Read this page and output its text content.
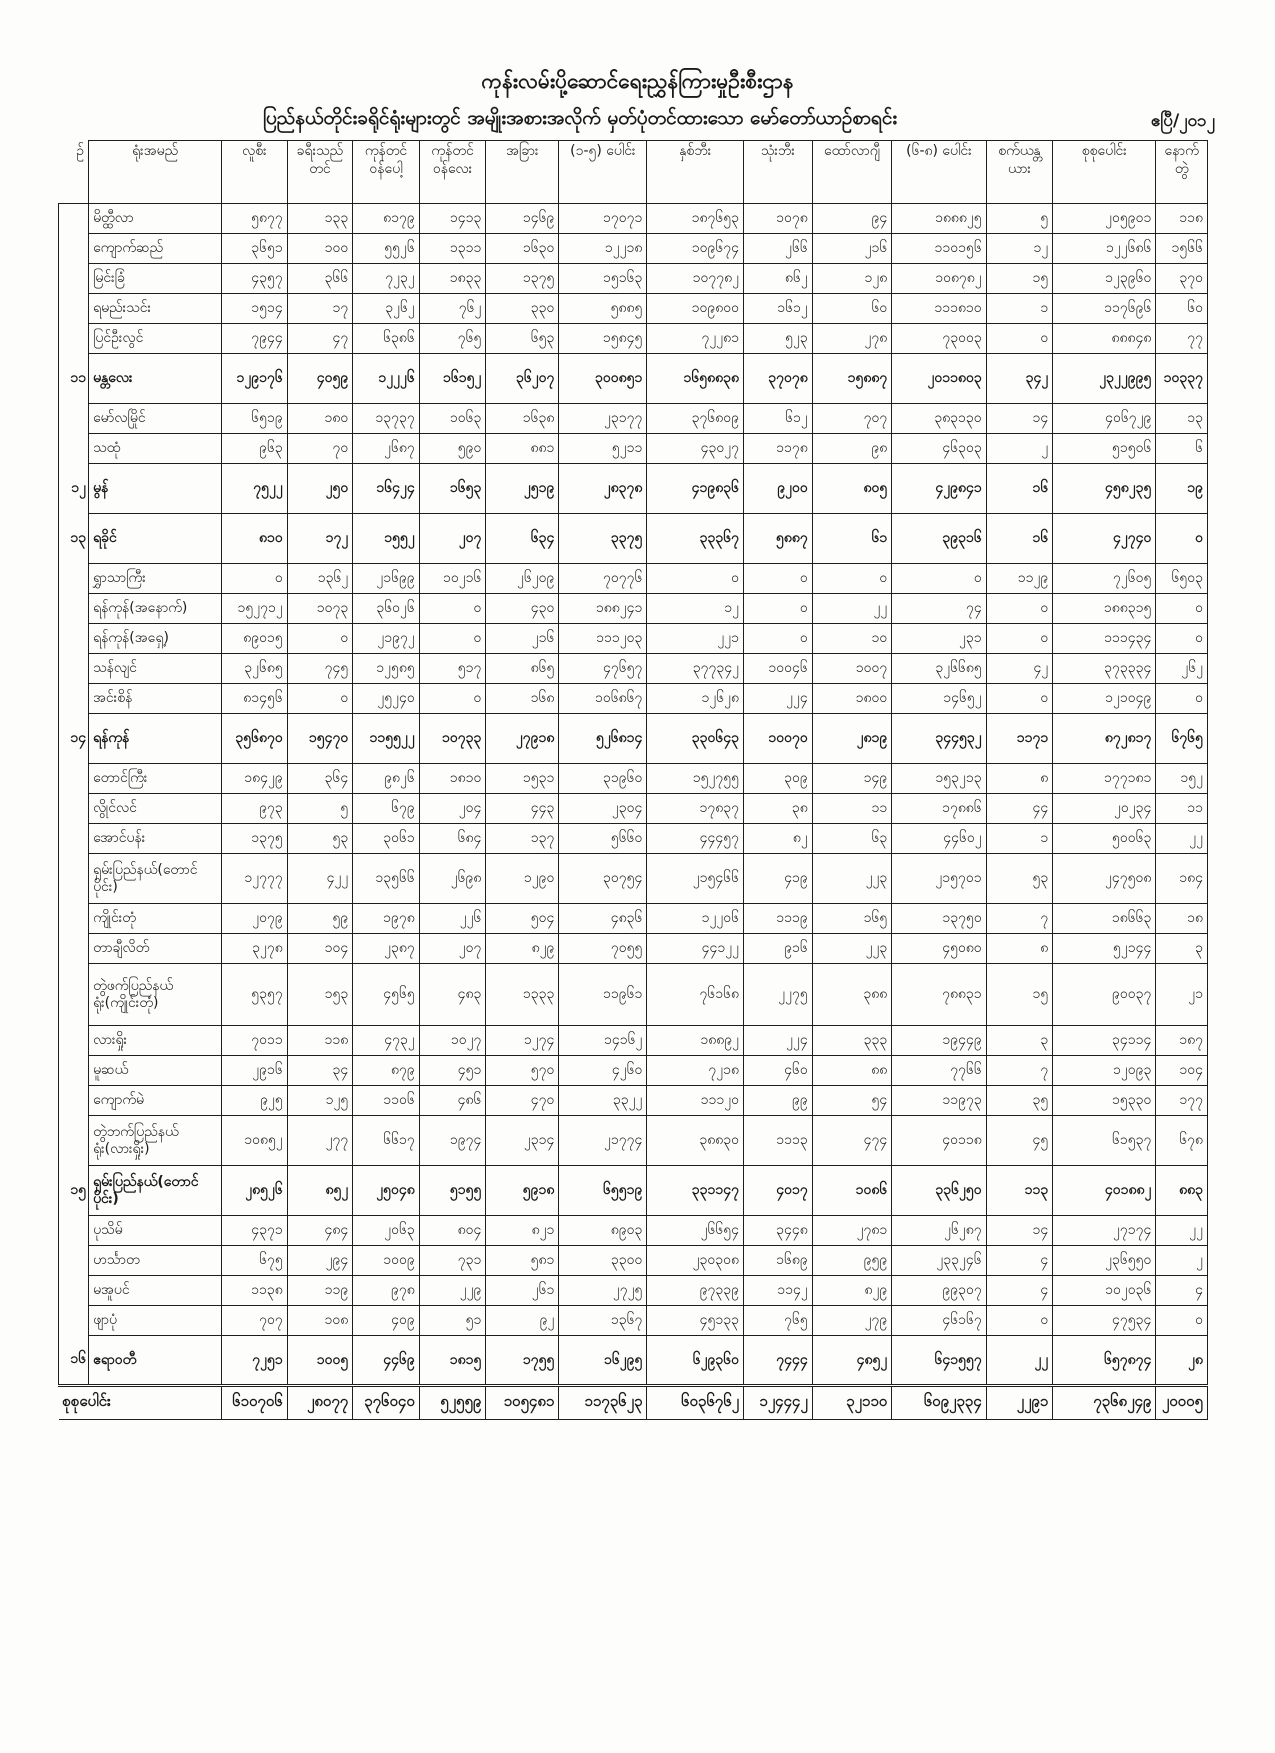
ကုန်းလမ်းပို့ဆောင်ရေးညွှန်ကြားမှုဦးစီးဌာန
ပြည်နယ်တိုင်းခရိုင်ရုံးများတွင် အမျိုးအစားအလိုက် မှတ်ပုံတင်ထားသော မော်တော်ယာဉ်စာရင်း	ဧပြီ/၂၀၁၂
ဉ်	ရုံးအမည်	လူစီး	ခရီးသည်တင်	ကုန်တင်ဝန်ပေါ့	ကုန်တင်ဝန်လေး	အခြား	(၁-၅) ပေါင်း	နှစ်ဘီး	သုံးဘီး	ထော်လာဂျီ	(၆-၈) ပေါင်း	စက်ယန္တယား	စုစုပေါင်း	နောက်တွဲ
	မိတ္ထီလာ	၅၈၇၇	၁၃၃	၈၁၇၉	၁၄၁၃	၁၄၆၉	၁၇၀၇၁	၁၈၇၆၅၃	၁၀၇၈	၉၄	၁၈၈၈၂၅	၅	၂၀၅၉၀၁	၁၁၈
	ကျောက်ဆည်	၃၆၅၁	၁၀၀	၅၅၂၆	၁၃၁၁	၁၆၃၀	၁၂၂၁၈	၁၀၉၆၇၄	၂၆၆	၂၁၆	၁၁၀၁၅၆	၁၂	၁၂၂၆၈၆	၁၅၆၆
	မြင်းခြံ	၄၃၅၇	၃၆၆	၇၂၃၂	၁၈၃၃	၁၃၇၅	၁၅၁၆၃	၁၀၇၇၈၂	၈၆၂	၁၂၈	၁၀၈၇၈၂	၁၅	၁၂၃၉၆၀	၃၇၀
	ရမည်းသင်း	၁၅၁၄	၁၇	၃၂၆၂	၇၆၂	၃၃၀	၅၈၈၅	၁၀၉၈၀၀	၁၆၁၂	၆၀	၁၁၁၈၁၀	၁	၁၁၇၆၉၆	၆၀
	ပြင်ဦးလွင်	၇၉၄၄	၄၇	၆၃၈၆	၇၆၅	၆၅၃	၁၅၈၄၅	၇၂၂၈၁	၅၂၃	၂၇၈	၇၃၀၀၃	၀	၈၈၈၄၈	၇၇
၁၁	မန္တလေး	၁၂၉၁၇၆	၄၀၅၉	၁၂၂၂၆	၁၆၁၅၂	၃၆၂၀၇	၃၀၀၈၅၁	၁၆၅၈၈၃၈	၃၇၀၇၈	၁၅၈၈၇	၂၀၁၁၈၀၃	၃၄၂	၂၃၂၂၉၉၅	၁၀၃၃၇
	မော်လမြိုင်	၆၅၁၉	၁၈၀	၁၃၇၃၇	၁၀၆၃	၁၆၃၈	၂၃၁၇၇	၃၇၆၈၀၉	၆၁၂	၇၀၇	၃၈၃၁၃၀	၁၄	၄၀၆၇၂၉	၁၃
	သထုံ	၉၆၃	၇၀	၂၆၈၇	၅၉၀	၈၈၁	၅၂၁၁	၄၃၀၂၇	၁၁၇၈	၉၈	၄၆၃၀၃	၂	၅၁၅၀၆	၆
၁၂	မွန်	၇၅၂၂	၂၅၀	၁၆၄၂၄	၁၆၅၃	၂၅၁၉	၂၈၃၇၈	၄၁၉၈၃၆	၉၂၀၀	၈၀၅	၄၂၉၈၄၁	၁၆	၄၅၈၂၃၅	၁၉
၁၃	ရခိုင်	၈၁၀	၁၇၂	၁၅၅၂	၂၀၇	၆၃၄	၃၃၇၅	၃၃၃၆၇	၅၈၈၇	၆၁	၃၉၃၁၆	၁၆	၄၂၇၄၀	၀
	ရွှာသာကြီး	၀	၁၃၆၂	၂၁၆၉၉	၁၀၂၁၆	၂၆၂၀၉	၇၀၇၇၆	၀	၀	၀	၀	၁၁၂၉	၇၂၆၀၅	၆၅၀၃
	ရန်ကုန်(အနောက်)	၁၅၂၇၁၂	၁၀၇၃	၃၆၀၂၆	၀	၄၃၀	၁၈၈၂၄၁	၁၂	၀	၂၂	၇၄	၀	၁၈၈၃၁၅	၀
	ရန်ကုန်(အရှေ့)	၈၉၀၁၅	၀	၂၁၉၇၂	၀	၂၁၆	၁၁၁၂၀၃	၂၂၁	၀	၁၀	၂၃၁	၀	၁၁၁၄၃၄	၀
	သန်လျင်	၃၂၆၈၅	၇၄၅	၁၂၅၈၅	၅၁၇	၈၆၅	၄၇၆၅၇	၃၇၇၃၄၂	၁၀၀၄၆	၁၀၀၇	၃၂၆၆၈၅	၄၂	၃၇၃၃၃၄	၂၆၂
	အင်းစိန်	၈၁၄၅၆	၀	၂၅၂၄၀	၀	၁၆၈	၁၀၆၈၆၇	၁၂၆၂၈	၂၂၄	၁၈၀၀	၁၄၆၅၂	၀	၁၂၁၀၄၉	၀
၁၄	ရန်ကုန်	၃၅၆၈၇၀	၁၅၄၇၀	၁၁၅၅၂၂	၁၀၇၃၃	၂၇၉၁၈	၅၂၆၈၁၄	၃၃၀၆၄၃	၁၀၀၇၀	၂၈၁၉	၃၄၄၅၃၂	၁၁၇၁	၈၇၂၈၁၇	၆၇၆၅
	တောင်ကြီး	၁၈၄၂၉	၃၆၄	၉၈၂၆	၁၈၁၀	၁၅၃၁	၃၁၉၆၀	၁၅၂၇၅၅	၃၀၉	၁၄၉	၁၅၃၂၁၃	၈	၁၇၇၁၈၁	၁၅၂
	လွိုင်လင်	၉၇၃	၅	၆၇၉	၂၀၄	၄၄၃	၂၃၀၄	၁၇၈၃၇	၃၈	၁၁	၁၇၈၈၆	၄၄	၂၀၂၃၄	၁၁
	အောင်ပန်း	၁၃၇၅	၅၃	၃၀၆၁	၆၈၄	၁၃၇	၅၆၆၀	၄၄၄၅၇	၈၂	၆၃	၄၄၆၀၂	၁	၅၀၀၆၃	၂၂
	ရှမ်းပြည်နယ်(တောင်ပိုင်း)	၁၂၇၇၇	၄၂၂	၁၃၅၆၆	၂၆၉၈	၁၂၉၀	၃၀၇၅၄	၂၁၅၄၆၆	၄၁၉	၂၂၃	၂၁၅၇၀၁	၅၃	၂၄၇၅၀၈	၁၈၄
	ကျိုင်းတုံ	၂၀၇၉	၅၉	၁၉၇၈	၂၂၆	၅၀၄	၄၈၃၆	၁၂၂၀၆	၁၁၁၉	၁၆၅	၁၃၇၅၀	၇	၁၈၆၆၃	၁၈
	တာချီလိတ်	၃၂၇၈	၁၀၄	၂၃၈၇	၂၀၇	၈၂၉	၇၀၅၅	၄၄၁၂၂	၉၁၆	၂၂၃	၄၅၀၈၀	၈	၅၂၁၄၄	၃
	တွဲဖက်ပြည်နယ်ရုံး(ကျိုင်းတုံ)	၅၃၅၇	၁၅၃	၄၅၆၅	၄၈၃	၁၃၃၃	၁၁၉၆၁	၇၆၁၆၈	၂၂၇၅	၃၈၈	၇၈၈၃၁	၁၅	၉၀၀၃၇	၂၁
	လားရှိုး	၇၀၁၁	၁၁၈	၄၇၃၂	၁၀၂၇	၁၂၇၄	၁၄၁၆၂	၁၈၈၉၂	၂၂၄	၃၃၃	၁၉၄၄၉	၃	၃၄၁၁၄	၁၈၇
	မူဆယ်	၂၉၁၆	၃၄	၈၇၉	၄၅၁	၅၇၀	၄၂၆၀	၇၂၁၈	၄၆၀	၈၈	၇၇၆၆	၇	၁၂၀၉၃	၁၀၄
	ကျောက်မဲ	၉၂၅	၁၂၅	၁၁၀၆	၄၈၆	၄၇၀	၃၃၂၂	၁၁၁၂၀	၉၉	၅၄	၁၁၉၇၃	၃၅	၁၅၃၃၀	၁၇၇
	တွဲဘက်ပြည်နယ်ရုံး(လားရှိုး)	၁၀၈၅၂	၂၇၇	၆၆၁၇	၁၉၇၄	၂၃၁၄	၂၁၇၇၄	၃၈၈၃၀	၁၁၁၃	၄၇၄	၄၀၁၁၈	၄၅	၆၁၅၃၇	၆၇၈
၁၅	ရှမ်းပြည်နယ်(တောင်ပိုင်း)	၂၈၅၂၆	၈၅၂	၂၅၀၄၈	၅၁၅၅	၅၉၁၈	၆၅၅၁၉	၃၃၁၁၄၇	၄၀၁၇	၁၀၈၆	၃၃၆၂၅၀	၁၁၃	၄၀၁၈၈၂	၈၈၃
	ပုသိမ်	၄၃၇၁	၄၈၄	၂၀၆၃	၈၀၄	၈၂၁	၈၉၀၃	၂၆၆၅၄	၃၄၄၈	၂၇၈၁	၂၆၂၈၇	၁၄	၂၇၁၇၄	၂၂
	ဟင်္သာတ	၆၇၅	၂၉၄	၁၀၀၉	၇၃၁	၅၈၁	၃၃၀၀	၂၃၀၃၀၈	၁၆၈၉	၉၅၉	၂၃၃၂၄၆	၄	၂၃၆၅၅၀	၂
	မအူပင်	၁၁၃၈	၁၁၉	၉၇၈	၂၂၉	၂၆၁	၂၇၂၅	၉၇၃၃၉	၁၁၄၂	၈၂၉	၉၉၃၀၇	၄	၁၀၂၀၃၆	၄
	ဖျာပုံ	၇၀၇	၁၀၈	၄၀၉	၅၁	၉၂	၁၃၆၇	၄၅၁၃၃	၇၆၅	၂၇၉	၄၆၁၆၇	၀	၄၇၅၃၄	၀
၁၆	ဧရာဝတီ	၇၂၅၁	၁၀၀၅	၄၄၆၉	၁၈၁၅	၁၇၅၅	၁၆၂၉၅	၆၂၉၃၆၀	၇၄၄၄	၄၈၅၂	၆၄၁၅၅၇	၂၂	၆၅၇၈၇၄	၂၈
စုစုပေါင်း		၆၁၀၇၀၆	၂၈၀၇၇	၃၇၆၀၄၀	၅၂၅၅၉	၁၀၅၄၈၁	၁၁၇၃၆၂၃	၆၀၃၆၇၆၂	၁၂၄၄၄၂	၃၂၁၁၀	၆၀၉၂၃၃၄	၂၂၉၁	၇၃၆၈၂၄၉	၂၀၀၀၅
